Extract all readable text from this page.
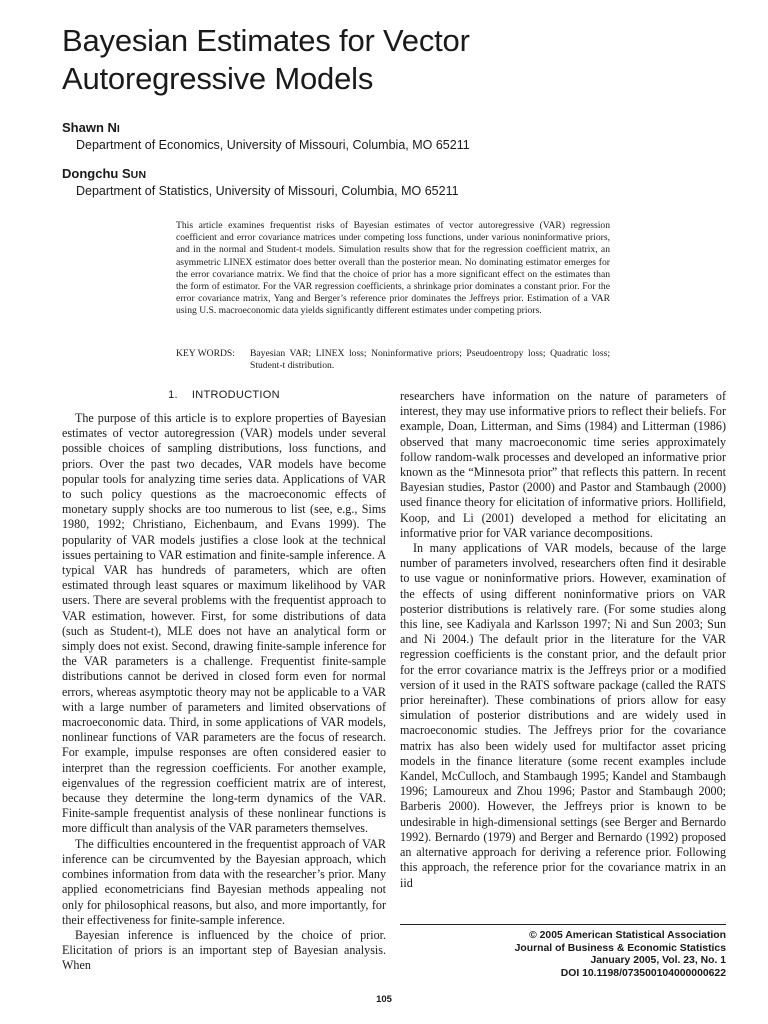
Bayesian Estimates for Vector
Autoregressive Models
Shawn NI
Department of Economics, University of Missouri, Columbia, MO 65211
Dongchu SUN
Department of Statistics, University of Missouri, Columbia, MO 65211

This article examines frequentist risks of Bayesian estimates of vector autoregressive (VAR) regression coefficient and error covariance matrices under competing loss functions, under various noninformative priors, and in the normal and Student-t models. Simulation results show that for the regression coefficient matrix, an asymmetric LINEX estimator does better overall than the posterior mean. No dominating estimator emerges for the error covariance matrix. We find that the choice of prior has a more significant effect on the estimates than the form of estimator. For the VAR regression coefficients, a shrinkage prior dominates a constant prior. For the error covariance matrix, Yang and Berger’s reference prior dominates the Jeffreys prior. Estimation of a VAR using U.S. macroeconomic data yields significantly different estimates under competing priors.

KEY WORDS:	Bayesian VAR; LINEX loss; Noninformative priors; Pseudoentropy loss; Quadratic loss; Student-t distribution.
1. INTRODUCTION

The purpose of this article is to explore properties of Bayesian estimates of vector autoregression (VAR) models under several possible choices of sampling distributions, loss functions, and priors. Over the past two decades, VAR models have become popular tools for analyzing time series data. Applications of VAR to such policy questions as the macroeconomic effects of monetary supply shocks are too numerous to list (see, e.g., Sims 1980, 1992; Christiano, Eichenbaum, and Evans 1999). The popularity of VAR models justifies a close look at the technical issues pertaining to VAR estimation and finite-sample inference. A typical VAR has hundreds of parameters, which are often estimated through least squares or maximum likelihood by VAR users. There are several problems with the frequentist approach to VAR estimation, however. First, for some distributions of data (such as Student-t), MLE does not have an analytical form or simply does not exist. Second, drawing finite-sample inference for the VAR parameters is a challenge. Frequentist finite-sample distributions cannot be derived in closed form even for normal errors, whereas asymptotic theory may not be applicable to a VAR with a large number of parameters and limited observations of macroeconomic data. Third, in some applications of VAR models, nonlinear functions of VAR parameters are the focus of research. For example, impulse responses are often considered easier to interpret than the regression coefficients. For another example, eigenvalues of the regression coefficient matrix are of interest, because they determine the long-term dynamics of the VAR. Finite-sample frequentist analysis of these nonlinear functions is more difficult than analysis of the VAR parameters themselves.

The difficulties encountered in the frequentist approach of VAR inference can be circumvented by the Bayesian approach, which combines information from data with the researcher’s prior. Many applied econometricians find Bayesian methods appealing not only for philosophical reasons, but also, and more importantly, for their effectiveness for finite-sample inference.

Bayesian inference is influenced by the choice of prior. Elicitation of priors is an important step of Bayesian analysis. When

researchers have information on the nature of parameters of interest, they may use informative priors to reflect their beliefs. For example, Doan, Litterman, and Sims (1984) and Litterman (1986) observed that many macroeconomic time series approximately follow random-walk processes and developed an informative prior known as the “Minnesota prior” that reflects this pattern. In recent Bayesian studies, Pastor (2000) and Pastor and Stambaugh (2000) used finance theory for elicitation of informative priors. Hollifield, Koop, and Li (2001) developed a method for elicitating an informative prior for VAR variance decompositions.

In many applications of VAR models, because of the large number of parameters involved, researchers often find it desirable to use vague or noninformative priors. However, examination of the effects of using different noninformative priors on VAR posterior distributions is relatively rare. (For some studies along this line, see Kadiyala and Karlsson 1997; Ni and Sun 2003; Sun and Ni 2004.) The default prior in the literature for the VAR regression coefficients is the constant prior, and the default prior for the error covariance matrix is the Jeffreys prior or a modified version of it used in the RATS software package (called the RATS prior hereinafter). These combinations of priors allow for easy simulation of posterior distributions and are widely used in macroeconomic studies. The Jeffreys prior for the covariance matrix has also been widely used for multifactor asset pricing models in the finance literature (some recent examples include Kandel, McCulloch, and Stambaugh 1995; Kandel and Stambaugh 1996; Lamoureux and Zhou 1996; Pastor and Stambaugh 2000; Barberis 2000). However, the Jeffreys prior is known to be undesirable in high-dimensional settings (see Berger and Bernardo 1992). Bernardo (1979) and Berger and Bernardo (1992) proposed an alternative approach for deriving a reference prior. Following this approach, the reference prior for the covariance matrix in an iid

© 2005 American Statistical Association
Journal of Business & Economic Statistics
January 2005, Vol. 23, No. 1
DOI 10.1198/073500104000000622
105
